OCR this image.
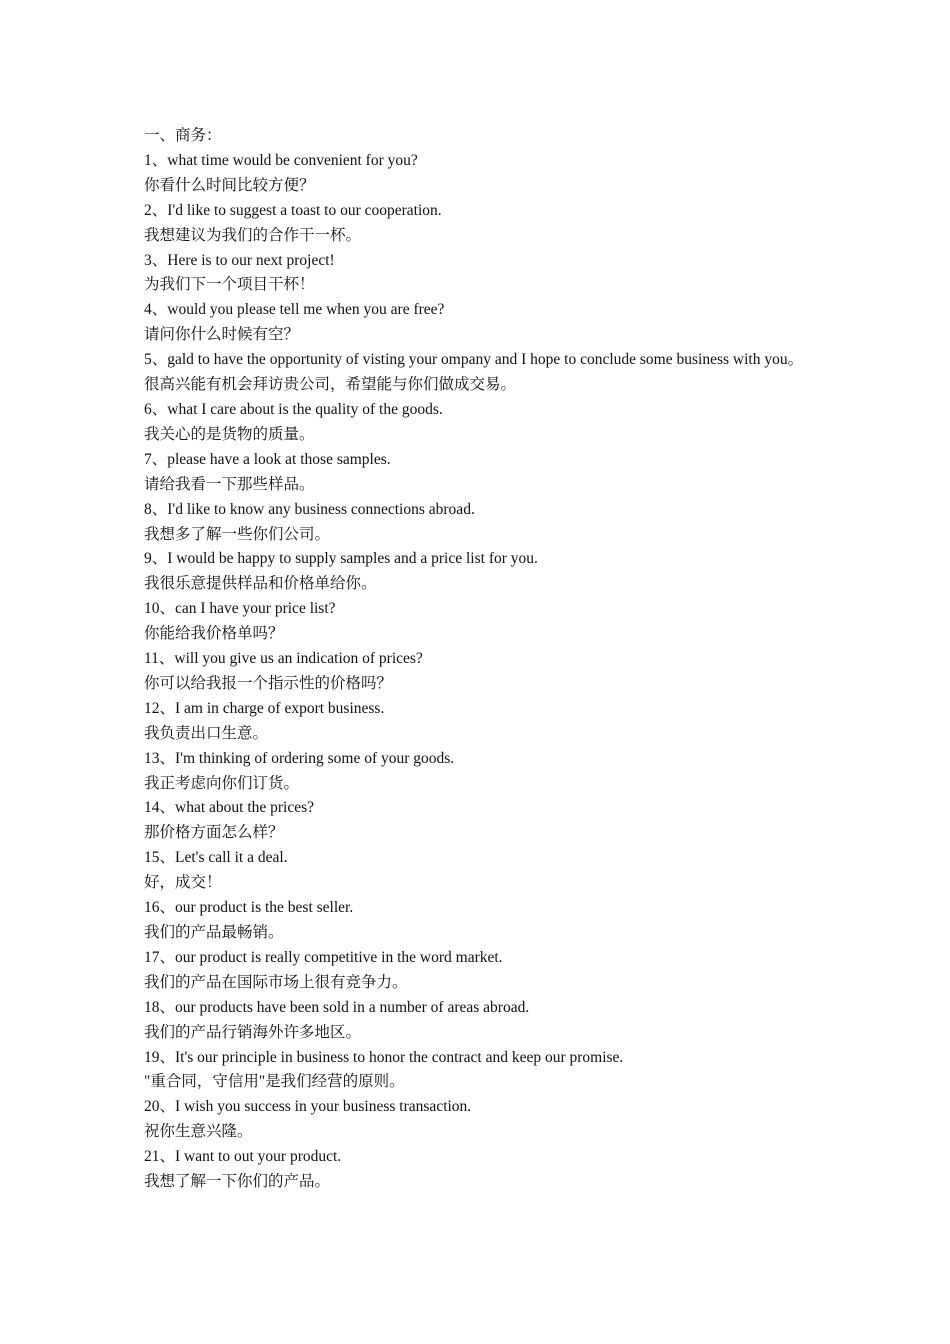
一、商务：

1、what time would be convenient for you?

你看什么时间比较方便？

2、I'd like to suggest a toast to our cooperation.

我想建议为我们的合作干一杯。

3、Here is to our next project!

为我们下一个项目干杯！

4、would you please tell me when you are free?

请问你什么时候有空？

5、gald to have the opportunity of visting your ompany and I hope to conclude some business with you。

很高兴能有机会拜访贵公司，希望能与你们做成交易。

6、what I care about is the quality of the goods.

我关心的是货物的质量。

7、please have a look at those samples.

请给我看一下那些样品。

8、I'd like to know any business connections abroad.

我想多了解一些你们公司。

9、I would be happy to supply samples and a price list for you.

我很乐意提供样品和价格单给你。

10、can I have your price list?

你能给我价格单吗？

11、will you give us an indication of prices?

你可以给我报一个指示性的价格吗？

12、I am in charge of export business.

我负责出口生意。

13、I'm thinking of ordering some of your goods.

我正考虑向你们订货。

14、what about the prices?

那价格方面怎么样？

15、Let's call it a deal.

好，成交！

16、our product is the best seller.

我们的产品最畅销。

17、our product is really competitive in the word market.

我们的产品在国际市场上很有竞争力。

18、our products have been sold in a number of areas abroad.

我们的产品行销海外许多地区。

19、It's our principle in business to honor the contract and keep our promise.

"重合同，守信用"是我们经营的原则。

20、I wish you success in your business transaction.

祝你生意兴隆。

21、I want to out your product.

我想了解一下你们的产品。
